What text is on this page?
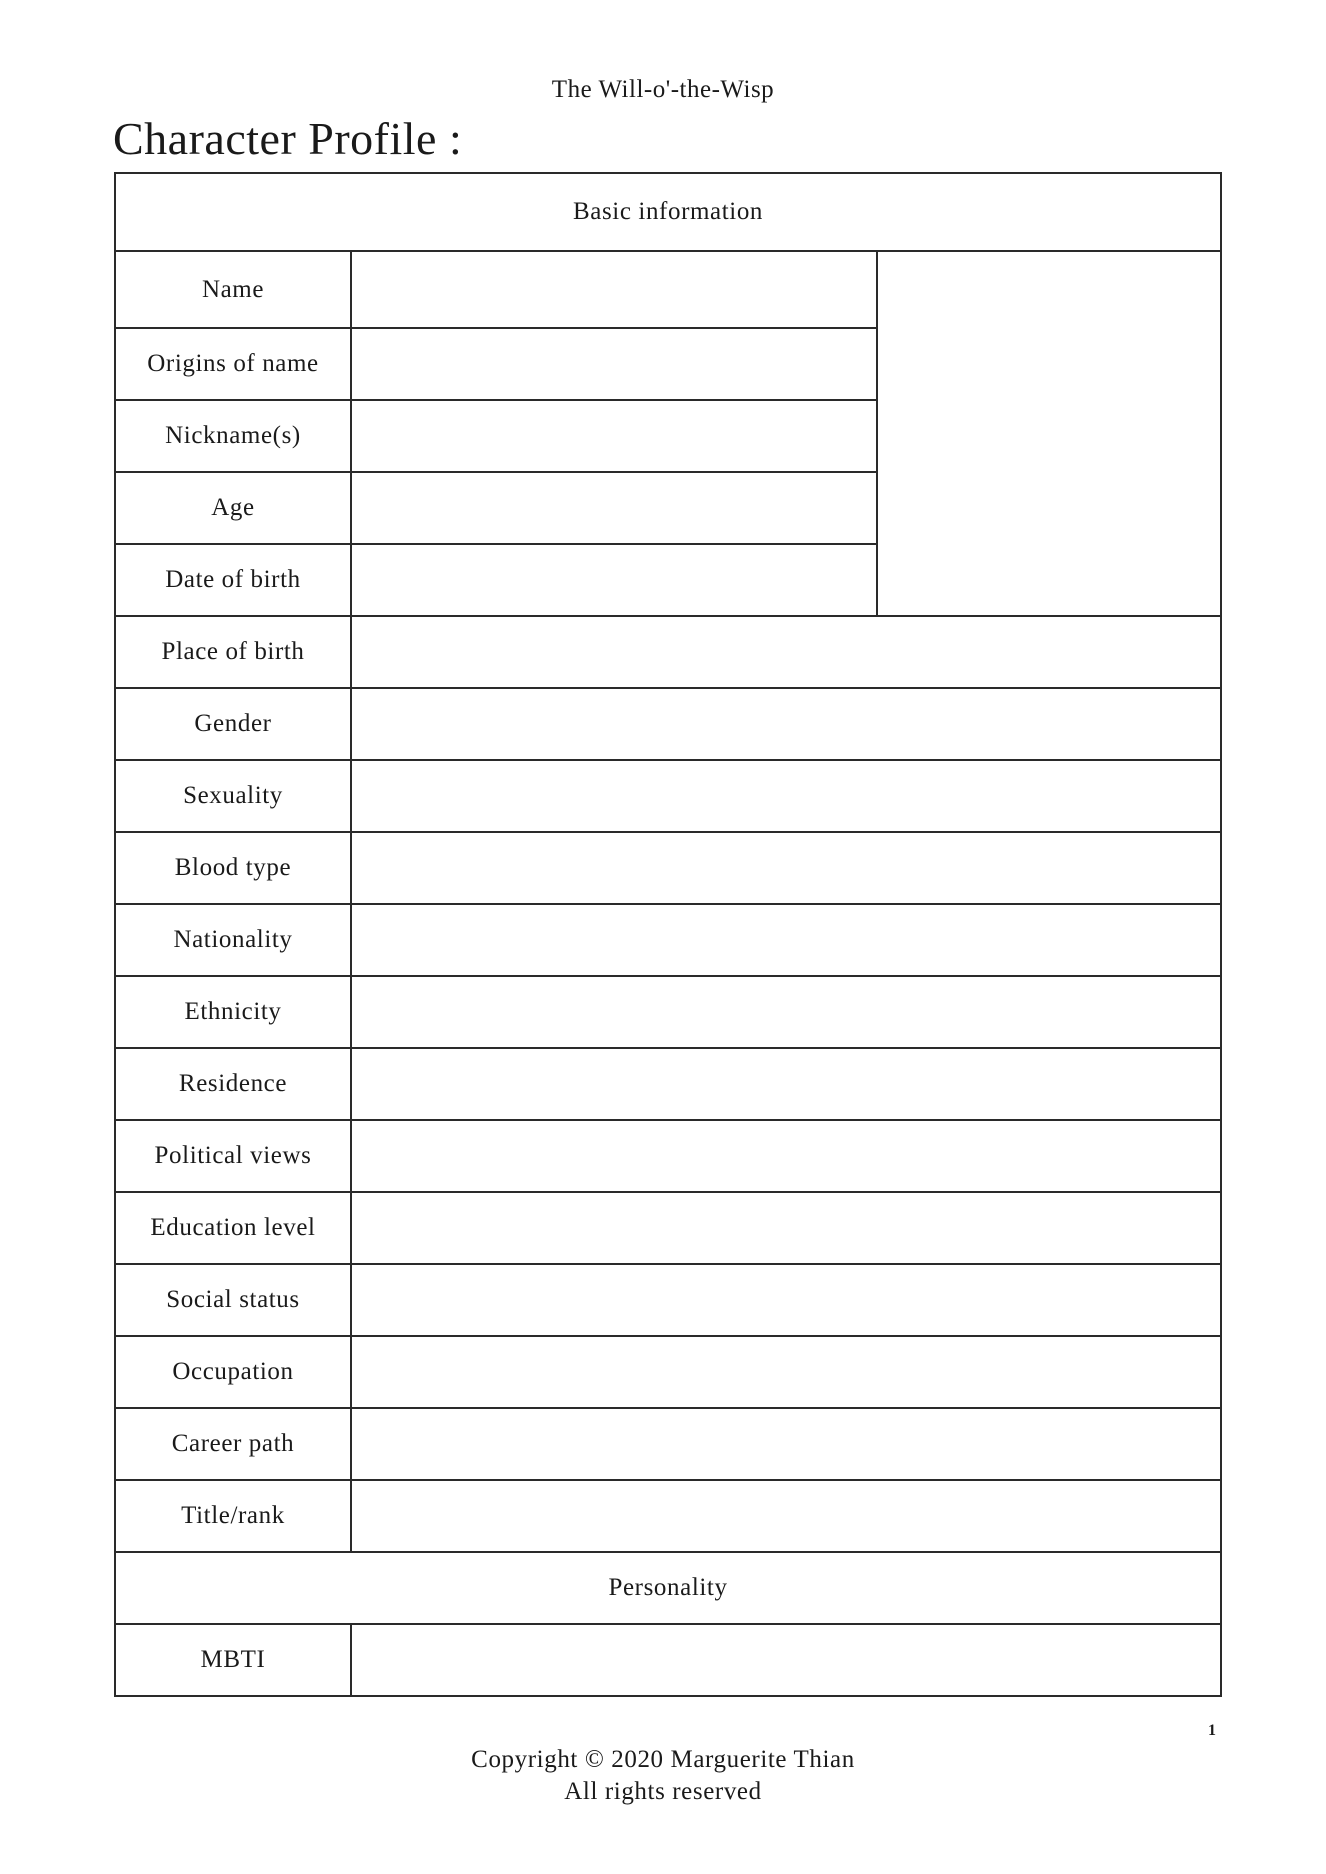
The Will-o'-the-Wisp
Character Profile :
Basic information		
Name		
Origins of name		
Nickname(s)		
Age		
Date of birth		
Place of birth		
Gender		
Sexuality		
Blood type		
Nationality		
Ethnicity		
Residence		
Political views		
Education level		
Social status		
Occupation		
Career path		
Title/rank		
Personality		
MBTI		
1
Copyright © 2020 Marguerite Thian
All rights reserved
